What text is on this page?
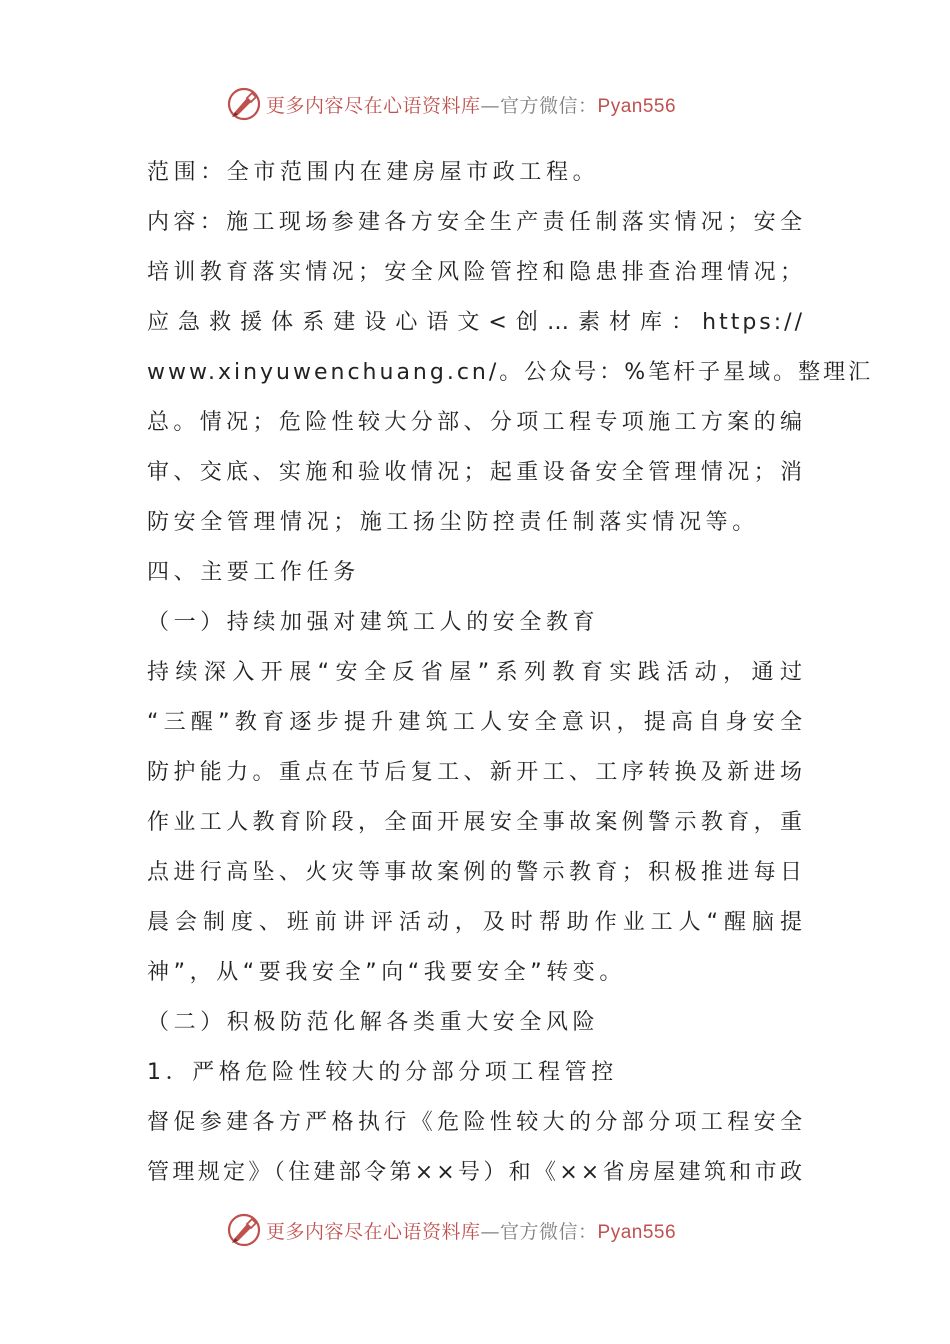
更多内容尽在心语资料库—官方微信：Pyan556
范围：全市范围内在建房屋市政工程。
内容：施工现场参建各方安全生产责任制落实情况；安全
培训教育落实情况；安全风险管控和隐患排查治理情况；
应急救援体系建设心语文<创…素材库：https://
www.xinyuwenchuang.cn/。公众号：%笔杆子星域。整理汇
总。情况；危险性较大分部、分项工程专项施工方案的编
审、交底、实施和验收情况；起重设备安全管理情况；消
防安全管理情况；施工扬尘防控责任制落实情况等。
四、主要工作任务
（一）持续加强对建筑工人的安全教育
持续深入开展“安全反省屋”系列教育实践活动，通过
“三醒”教育逐步提升建筑工人安全意识，提高自身安全
防护能力。重点在节后复工、新开工、工序转换及新进场
作业工人教育阶段，全面开展安全事故案例警示教育，重
点进行高坠、火灾等事故案例的警示教育；积极推进每日
晨会制度、班前讲评活动，及时帮助作业工人“醒脑提
神”，从“要我安全”向“我要安全”转变。
（二）积极防范化解各类重大安全风险
1．严格危险性较大的分部分项工程管控
督促参建各方严格执行《危险性较大的分部分项工程安全
管理规定》（住建部令第××号）和《××省房屋建筑和市政
更多内容尽在心语资料库—官方微信：Pyan556
